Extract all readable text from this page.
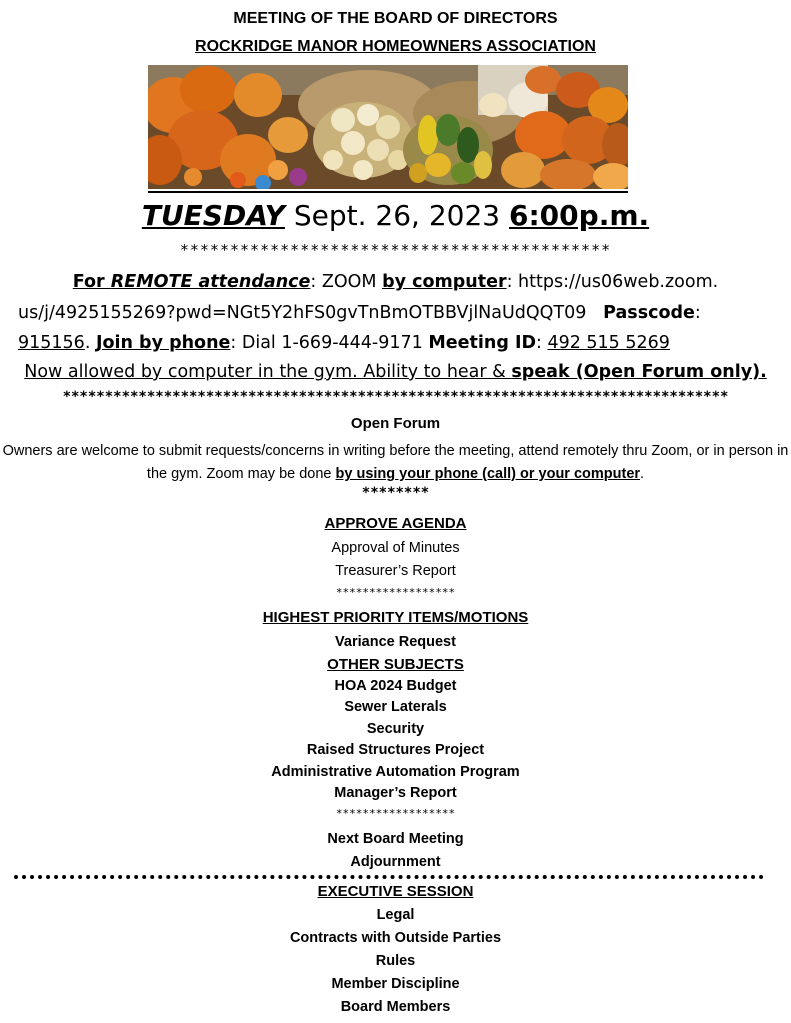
MEETING OF THE BOARD OF DIRECTORS
ROCKRIDGE MANOR HOMEOWNERS ASSOCIATION
TUESDAY Sept. 26, 2023 6:00p.m.
*******************************************
For REMOTE attendance: ZOOM by computer: https://us06web.zoom.
us/j/4925155269?pwd=NGt5Y2hFS0gvTnBmOTBBVjlNaUdQQT09 Passcode:
915156. Join by phone: Dial 1-669-444-9171 Meeting ID: 492 515 5269
Now allowed by computer in the gym. Ability to hear & speak (Open Forum only).
*******************************************************************************
Open Forum
Owners are welcome to submit requests/concerns in writing before the meeting, attend remotely thru Zoom, or in person in the gym. Zoom may be done by using your phone (call) or your computer.
********
APPROVE AGENDA
Approval of Minutes
Treasurer’s Report
******************
HIGHEST PRIORITY ITEMS/MOTIONS
Variance Request
OTHER SUBJECTS
HOA 2024 Budget
Sewer Laterals
Security
Raised Structures Project
Administrative Automation Program
Manager’s Report
******************
Next Board Meeting
Adjournment
EXECUTIVE SESSION
Legal
Contracts with Outside Parties
Rules
Member Discipline
Board Members
